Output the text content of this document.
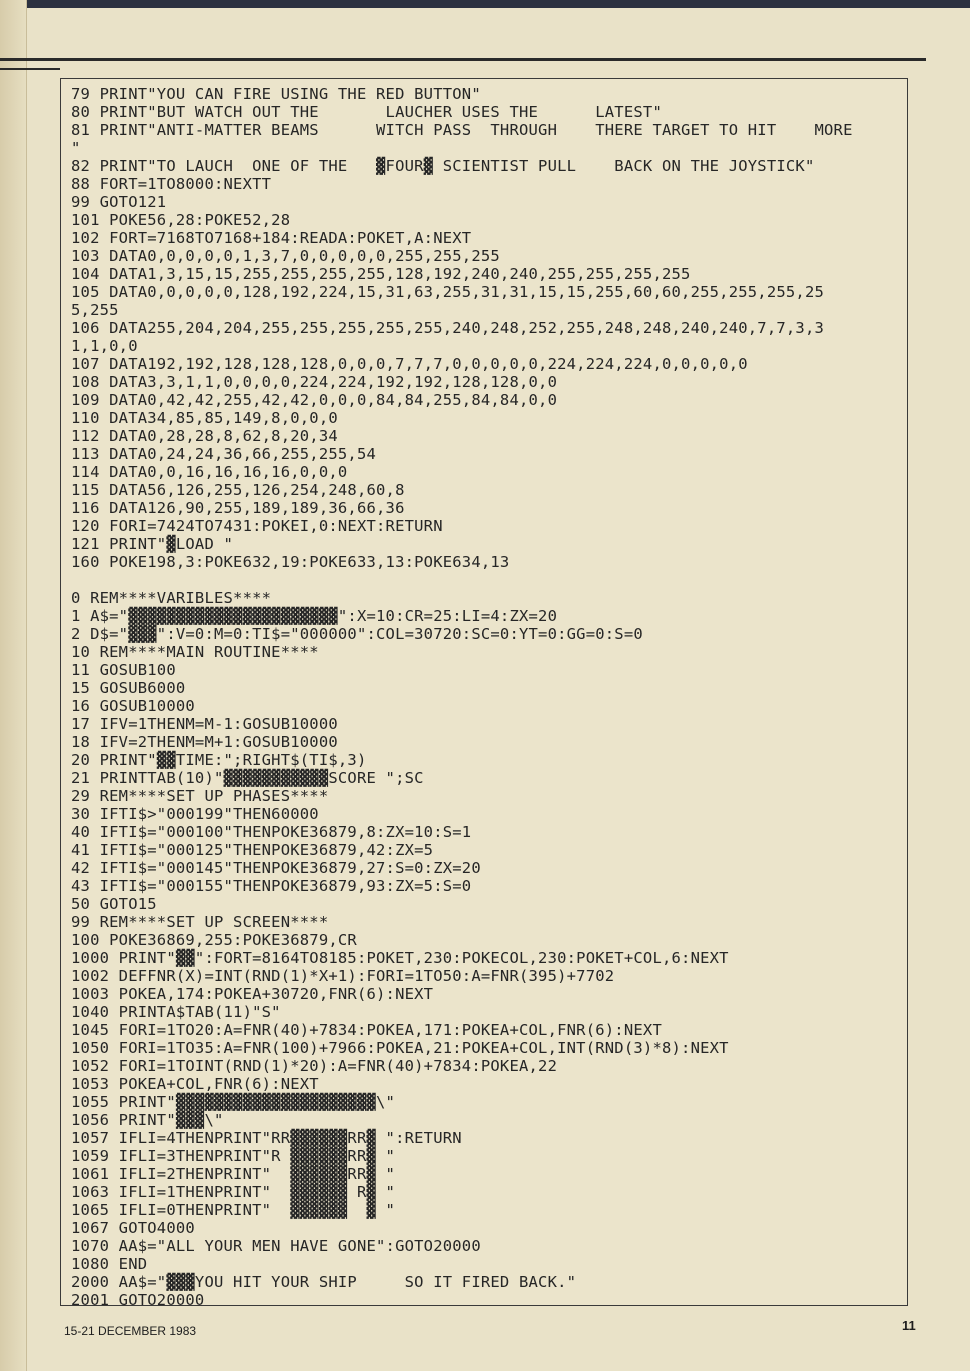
79 PRINT"YOU CAN FIRE USING THE RED BUTTON"
80 PRINT"BUT WATCH OUT THE       LAUCHER USES THE      LATEST"
81 PRINT"ANTI-MATTER BEAMS      WITCH PASS  THROUGH    THERE TARGET TO HIT    MORE
"
82 PRINT"TO LAUCH  ONE OF THE   ▓FOUR▓ SCIENTIST PULL    BACK ON THE JOYSTICK"
88 FORT=1TO8000:NEXTT
99 GOTO121
101 POKE56,28:POKE52,28
102 FORT=7168TO7168+184:READA:POKET,A:NEXT
103 DATA0,0,0,0,0,1,3,7,0,0,0,0,0,255,255,255
104 DATA1,3,15,15,255,255,255,255,128,192,240,240,255,255,255,255
105 DATA0,0,0,0,0,128,192,224,15,31,63,255,31,31,15,15,255,60,60,255,255,255,25
5,255
106 DATA255,204,204,255,255,255,255,255,240,248,252,255,248,248,240,240,7,7,3,3
1,1,0,0
107 DATA192,192,128,128,128,0,0,0,7,7,7,0,0,0,0,0,224,224,224,0,0,0,0,0
108 DATA3,3,1,1,0,0,0,0,224,224,192,192,128,128,0,0
109 DATA0,42,42,255,42,42,0,0,0,84,84,255,84,84,0,0
110 DATA34,85,85,149,8,0,0,0
112 DATA0,28,28,8,62,8,20,34
113 DATA0,24,24,36,66,255,255,54
114 DATA0,0,16,16,16,16,0,0,0
115 DATA56,126,255,126,254,248,60,8
116 DATA126,90,255,189,189,36,66,36
120 FORI=7424TO7431:POKEI,0:NEXT:RETURN
121 PRINT"▓LOAD "
160 POKE198,3:POKE632,19:POKE633,13:POKE634,13
0 REM****VARIBLES****
1 A$="▓▓▓▓▓▓▓▓▓▓▓▓▓▓▓▓▓▓▓▓▓▓":X=10:CR=25:LI=4:ZX=20
2 D$="▓▓▓":V=0:M=0:TI$="000000":COL=30720:SC=0:YT=0:GG=0:S=0
10 REM****MAIN ROUTINE****
11 GOSUB100
15 GOSUB6000
16 GOSUB10000
17 IFV=1THENM=M-1:GOSUB10000
18 IFV=2THENM=M+1:GOSUB10000
20 PRINT"▓▓TIME:";RIGHT$(TI$,3)
21 PRINTTAB(10)"▓▓▓▓▓▓▓▓▓▓▓SCORE ";SC
29 REM****SET UP PHASES****
30 IFTI$>"000199"THEN60000
40 IFTI$="000100"THENPOKE36879,8:ZX=10:S=1
41 IFTI$="000125"THENPOKE36879,42:ZX=5
42 IFTI$="000145"THENPOKE36879,27:S=0:ZX=20
43 IFTI$="000155"THENPOKE36879,93:ZX=5:S=0
50 GOTO15
99 REM****SET UP SCREEN****
100 POKE36869,255:POKE36879,CR
1000 PRINT"▓▓":FORT=8164TO8185:POKET,230:POKECOL,230:POKET+COL,6:NEXT
1002 DEFFNR(X)=INT(RND(1)*X+1):FORI=1TO50:A=FNR(395)+7702
1003 POKEA,174:POKEA+30720,FNR(6):NEXT
1040 PRINTA$TAB(11)"S"
1045 FORI=1TO20:A=FNR(40)+7834:POKEA,171:POKEA+COL,FNR(6):NEXT
1050 FORI=1TO35:A=FNR(100)+7966:POKEA,21:POKEA+COL,INT(RND(3)*8):NEXT
1052 FORI=1TOINT(RND(1)*20):A=FNR(40)+7834:POKEA,22
1053 POKEA+COL,FNR(6):NEXT
1055 PRINT"▓▓▓▓▓▓▓▓▓▓▓▓▓▓▓▓▓▓▓▓▓\"
1056 PRINT"▓▓▓\"
1057 IFLI=4THENPRINT"RR▓▓▓▓▓▓RR▓ ":RETURN
1059 IFLI=3THENPRINT"R ▓▓▓▓▓▓RR▓ "
1061 IFLI=2THENPRINT"  ▓▓▓▓▓▓RR▓ "
1063 IFLI=1THENPRINT"  ▓▓▓▓▓▓ R▓ "
1065 IFLI=0THENPRINT"  ▓▓▓▓▓▓  ▓ "
1067 GOTO4000
1070 AA$="ALL YOUR MEN HAVE GONE":GOTO20000
1080 END
2000 AA$="▓▓▓YOU HIT YOUR SHIP     SO IT FIRED BACK."
2001 GOTO20000
15-21 DECEMBER 1983	11
